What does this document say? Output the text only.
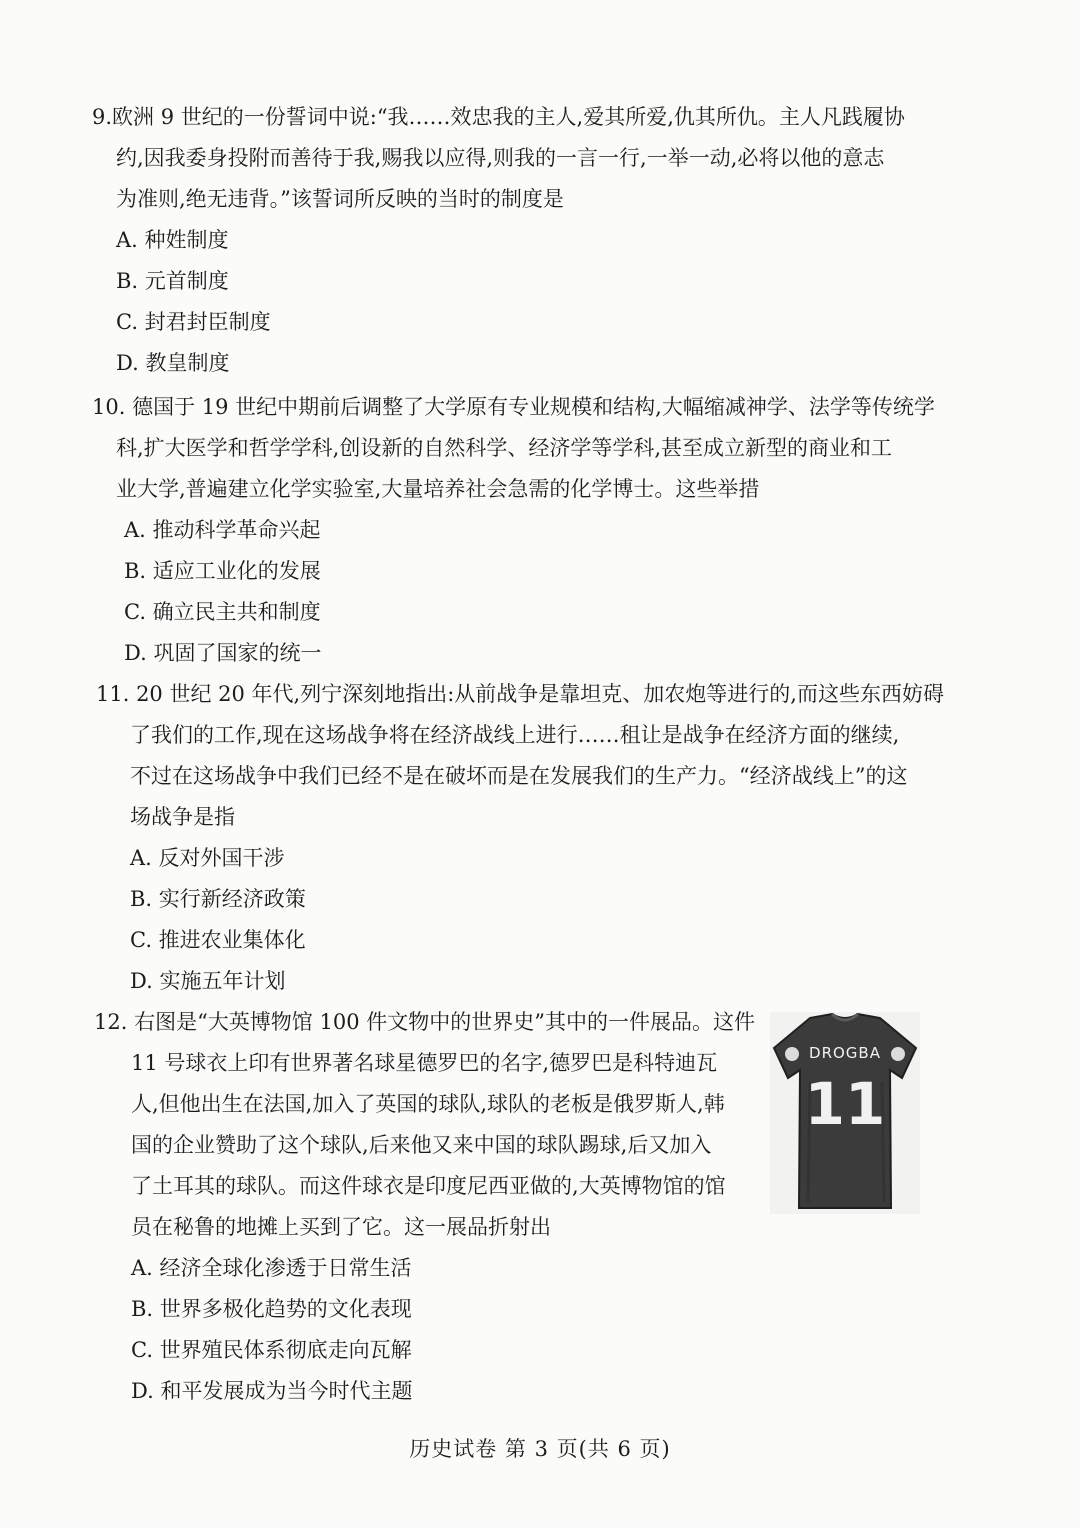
9.欧洲 9 世纪的一份誓词中说:“我……效忠我的主人,爱其所爱,仇其所仇。主人凡践履协
约,因我委身投附而善待于我,赐我以应得,则我的一言一行,一举一动,必将以他的意志
为准则,绝无违背。”该誓词所反映的当时的制度是

A. 种姓制度
B. 元首制度
C. 封君封臣制度
D. 教皇制度

10. 德国于 19 世纪中期前后调整了大学原有专业规模和结构,大幅缩减神学、法学等传统学
科,扩大医学和哲学学科,创设新的自然科学、经济学等学科,甚至成立新型的商业和工
业大学,普遍建立化学实验室,大量培养社会急需的化学博士。这些举措

A. 推动科学革命兴起
B. 适应工业化的发展
C. 确立民主共和制度
D. 巩固了国家的统一

11. 20 世纪 20 年代,列宁深刻地指出:从前战争是靠坦克、加农炮等进行的,而这些东西妨碍
了我们的工作,现在这场战争将在经济战线上进行……租让是战争在经济方面的继续,
不过在这场战争中我们已经不是在破坏而是在发展我们的生产力。“经济战线上”的这
场战争是指

A. 反对外国干涉
B. 实行新经济政策
C. 推进农业集体化
D. 实施五年计划

12. 右图是“大英博物馆 100 件文物中的世界史”其中的一件展品。这件
11 号球衣上印有世界著名球星德罗巴的名字,德罗巴是科特迪瓦
人,但他出生在法国,加入了英国的球队,球队的老板是俄罗斯人,韩
国的企业赞助了这个球队,后来他又来中国的球队踢球,后又加入
了土耳其的球队。而这件球衣是印度尼西亚做的,大英博物馆的馆
员在秘鲁的地摊上买到了它。这一展品折射出

A. 经济全球化渗透于日常生活
B. 世界多极化趋势的文化表现
C. 世界殖民体系彻底走向瓦解
D. 和平发展成为当今时代主题
DROGBA
11
历史试卷 第 3 页(共 6 页)
